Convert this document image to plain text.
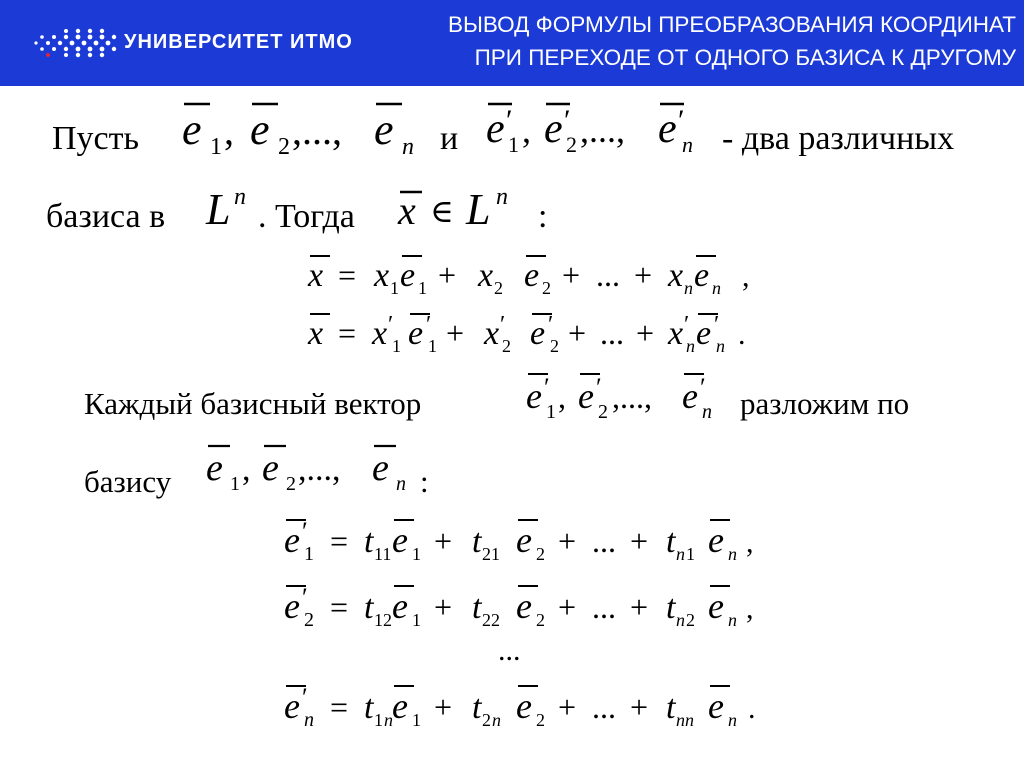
УНИВЕРСИТЕТ ИТМО
ВЫВОД ФОРМУЛЫ ПРЕОБРАЗОВАНИЯ КООРДИНАТ
ПРИ ПЕРЕХОДЕ ОТ ОДНОГО БАЗИСА К ДРУГОМУ
Пусть e 1 , e 2 ,..., e n и e ′
1 , e ′
2 ,..., e ′
n - два различных
базиса в L n
. Тогда x ∈ L n
:
x = x 1 e 1 + x 2 e 2 + ... + x n e n ,
x = x ′
1 e ′
1 + x ′
2 e ′
2 + ... + x ′
n e ′
n .
Каждый базисный вектор	e ′
1 , e ′
2 ,..., e ′
n разложим по
базису e 1 , e 2 ,..., e n :
e ′
1 = t 11 e 1 + t 21 e 2 + ... + t n 1 e n ,
e ′
2 = t 12 e 1 + t 22 e 2 + ... + t n 2 e n ,
...
e ′
n = t 1 n e 1 + t 2 n e 2 + ... + t nn e n .
